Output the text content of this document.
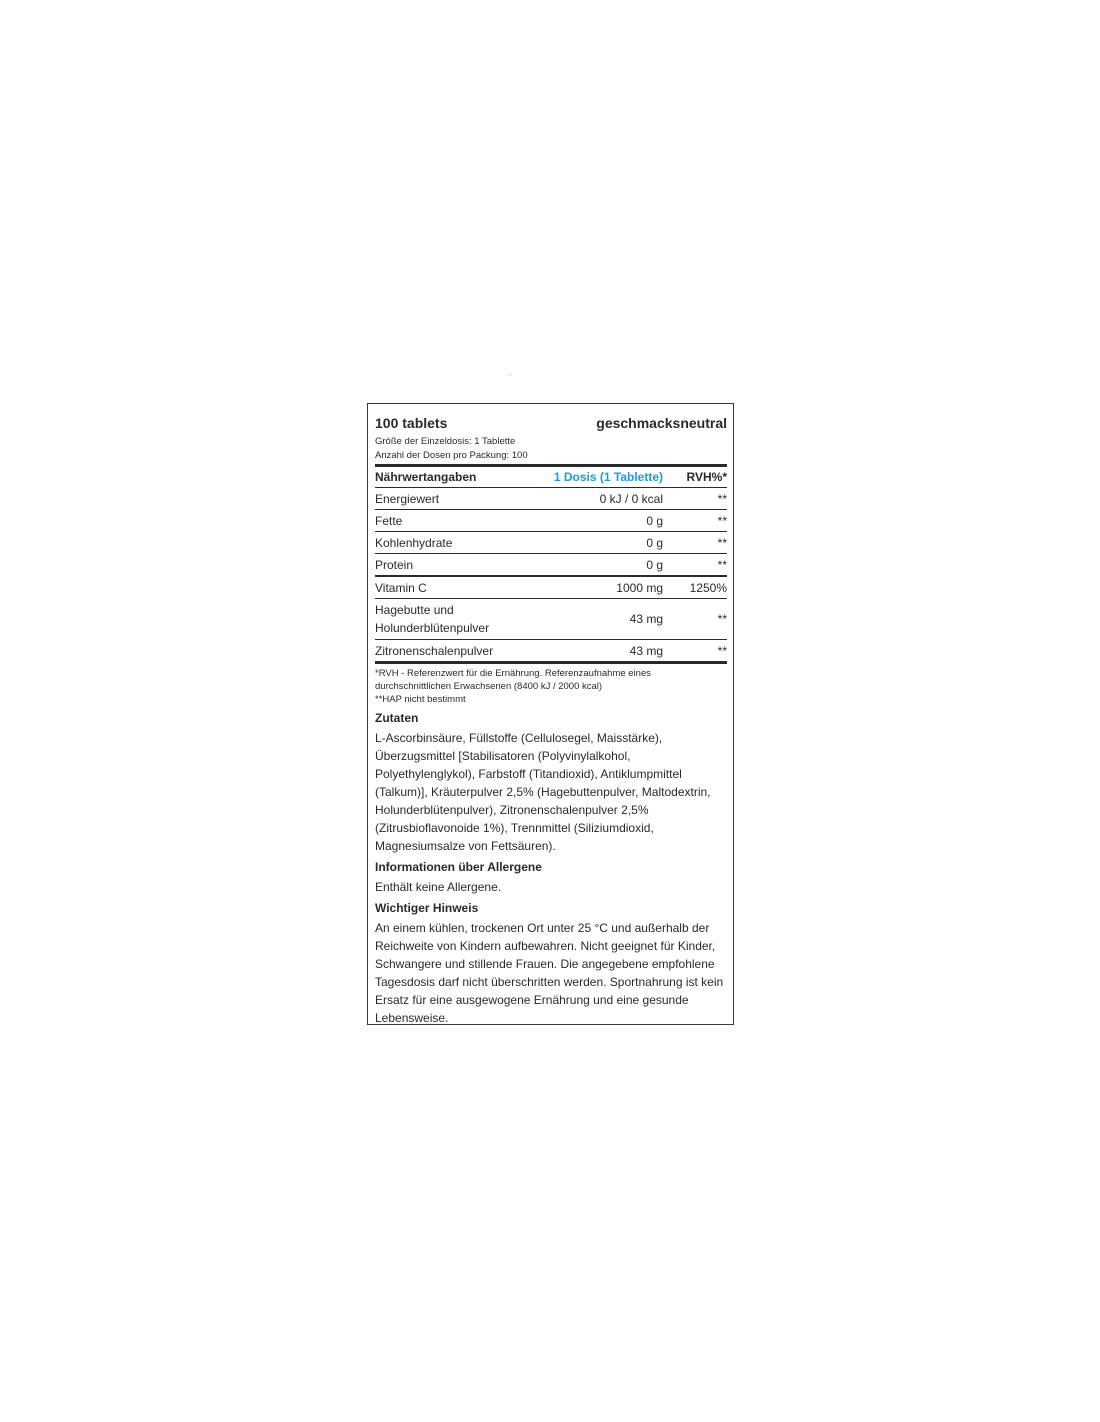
.
100 tablets	geschmacksneutral
Größe der Einzeldosis: 1 Tablette
Anzahl der Dosen pro Packung: 100
Nährwertangaben	1 Dosis (1 Tablette)	RVH%*
Energiewert	0 kJ / 0 kcal	**
Fette	0 g	**
Kohlenhydrate	0 g	**
Protein	0 g	**
Vitamin C	1000 mg	1250%
Hagebutte und Holunderblütenpulver	43 mg	**
Zitronenschalenpulver	43 mg	**
*RVH - Referenzwert für die Ernährung. Referenzaufnahme eines durchschnittlichen Erwachsenen (8400 kJ / 2000 kcal)
**HAP nicht bestimmt
Zutaten

L-Ascorbinsäure, Füllstoffe (Cellulosegel, Maisstärke), Überzugsmittel [Stabilisatoren (Polyvinylalkohol, Polyethylenglykol), Farbstoff (Titandioxid), Antiklumpmittel (Talkum)], Kräuterpulver 2,5% (Hagebuttenpulver, Maltodextrin, Holunderblütenpulver), Zitronenschalenpulver 2,5% (Zitrusbioflavonoide 1%), Trennmittel (Siliziumdioxid, Magnesiumsalze von Fettsäuren).

Informationen über Allergene

Enthält keine Allergene.

Wichtiger Hinweis

An einem kühlen, trockenen Ort unter 25 °C und außerhalb der Reichweite von Kindern aufbewahren. Nicht geeignet für Kinder, Schwangere und stillende Frauen. Die angegebene empfohlene Tagesdosis darf nicht überschritten werden. Sportnahrung ist kein Ersatz für eine ausgewogene Ernährung und eine gesunde Lebensweise.
